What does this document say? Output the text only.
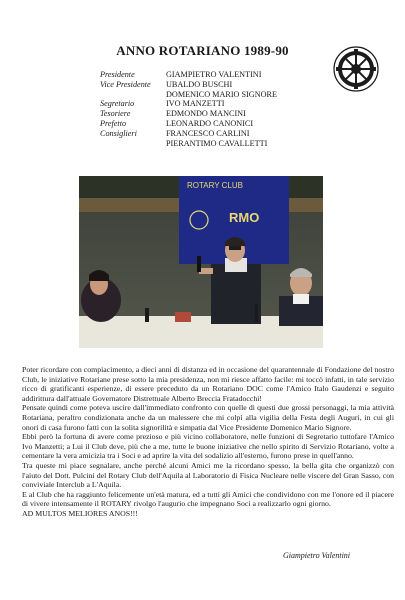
ANNO ROTARIANO 1989-90
Presidente	GIAMPIETRO VALENTINI
Vice Presidente	UBALDO BUSCHI
DOMENICO MARIO SIGNORE
Segretario	IVO MANZETTI
Tesoriere	EDMONDO MANCINI
Prefetto	LEONARDO CANONICI
Consiglieri	FRANCESCO CARLINI
PIERANTIMO CAVALLETTI
ROTARY CLUB
RMO

Poter ricordare con compiacimento, a dieci anni di distanza ed in occasione del quarantennale di Fondazione del nostro Club, le iniziative Rotariane prese sotto la mia presidenza, non mi riesce affatto facile: mi toccò infatti, in tale servizio ricco di gratificanti esperienze, di essere preceduto da un Rotariano DOC come l'Amico Italo Gaudenzi e seguito addirittura dall'attuale Governatore Distrettuale Alberto Breccia Fratadocchi!

Pensate quindi come poteva uscire dall'immediato confronto con quelle di questi due grossi personaggi, la mia attività Rotariana, peraltro condizionata anche da un malessere che mi colpì alla vigilia della Festa degli Auguri, in cui gli onori di casa furono fatti con la solita signorilità e simpatia dal Vice Presidente Domenico Mario Signore.

Ebbi però la fortuna di avere come prezioso e più vicino collaboratore, nelle funzioni di Segretario tuttofare l'Amico Ivo Manzetti; a Lui il Club deve, più che a me, tutte le buone iniziative che nello spirito di Servizio Rotariano, volte a cementare la vera amicizia tra i Soci e ad aprire la vita del sodalizio all'esterno, furono prese in quell'anno.

Tra queste mi piace segnalare, anche perché alcuni Amici me la ricordano spesso, la bella gita che organizzò con l'aiuto del Dott. Pulcini del Rotary Club dell'Aquila al Laboratorio di Fisica Nucleare nelle viscere del Gran Sasso, con conviviale Interclub a L'Aquila.

E al Club che ha raggiunto felicemente un'età matura, ed a tutti gli Amici che condividono con me l'onore ed il piacere di vivere intensamente il ROTARY rivolgo l'augurio che impegnano Soci a realizzarlo ogni giorno.

AD MULTOS MELIORES ANOS!!!

Giampietro Valentini
